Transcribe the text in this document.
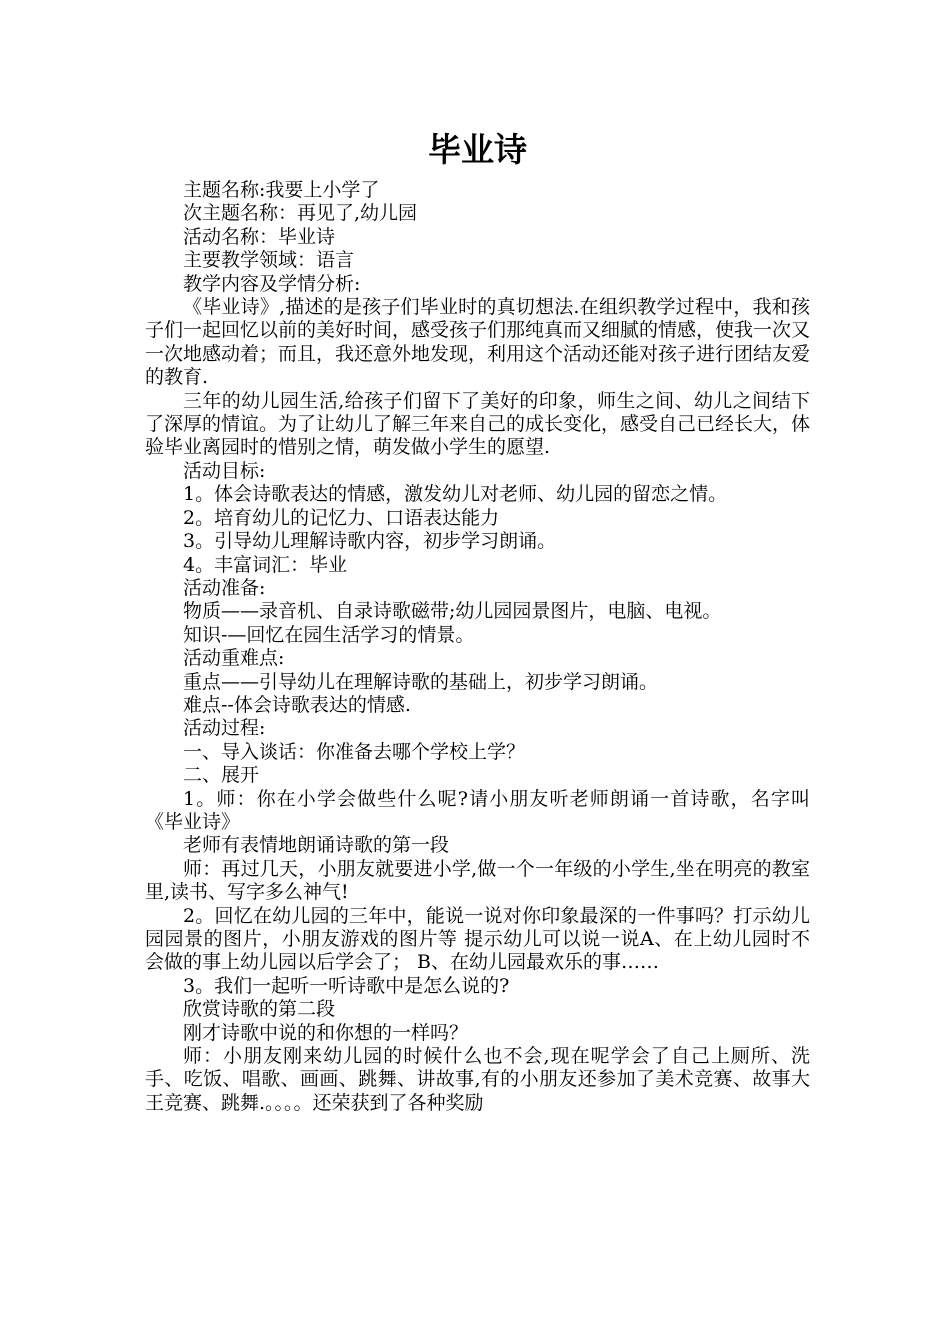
毕业诗

主题名称:我要上小学了

次主题名称：再见了,幼儿园

活动名称：毕业诗

主要教学领域：语言

教学内容及学情分析:

《毕业诗》,描述的是孩子们毕业时的真切想法.在组织教学过程中，我和孩子们一起回忆以前的美好时间，感受孩子们那纯真而又细腻的情感，使我一次又一次地感动着；而且，我还意外地发现，利用这个活动还能对孩子进行团结友爱的教育.

三年的幼儿园生活,给孩子们留下了美好的印象，师生之间、幼儿之间结下了深厚的情谊。为了让幼儿了解三年来自己的成长变化，感受自己已经长大，体验毕业离园时的惜别之情，萌发做小学生的愿望.

活动目标:

1。体会诗歌表达的情感，激发幼儿对老师、幼儿园的留恋之情。

2。培育幼儿的记忆力、口语表达能力

3。引导幼儿理解诗歌内容，初步学习朗诵。

4。丰富词汇：毕业

活动准备:

物质——录音机、自录诗歌磁带;幼儿园园景图片，电脑、电视。

知识-—回忆在园生活学习的情景。

活动重难点:

重点——引导幼儿在理解诗歌的基础上，初步学习朗诵。

难点--体会诗歌表达的情感.

活动过程:

一、导入谈话：你准备去哪个学校上学？

二、展开

1。师：你在小学会做些什么呢?请小朋友听老师朗诵一首诗歌，名字叫《毕业诗》

老师有表情地朗诵诗歌的第一段

师：再过几天，小朋友就要进小学,做一个一年级的小学生,坐在明亮的教室里,读书、写字多么神气!

2。回忆在幼儿园的三年中，能说一说对你印象最深的一件事吗？打示幼儿园园景的图片，小朋友游戏的图片等 提示幼儿可以说一说A、在上幼儿园时不会做的事上幼儿园以后学会了； B、在幼儿园最欢乐的事……

3。我们一起听一听诗歌中是怎么说的?

欣赏诗歌的第二段

刚才诗歌中说的和你想的一样吗？

师：小朋友刚来幼儿园的时候什么也不会,现在呢学会了自己上厕所、洗手、吃饭、唱歌、画画、跳舞、讲故事,有的小朋友还参加了美术竞赛、故事大王竞赛、跳舞.。。。。还荣获到了各种奖励
